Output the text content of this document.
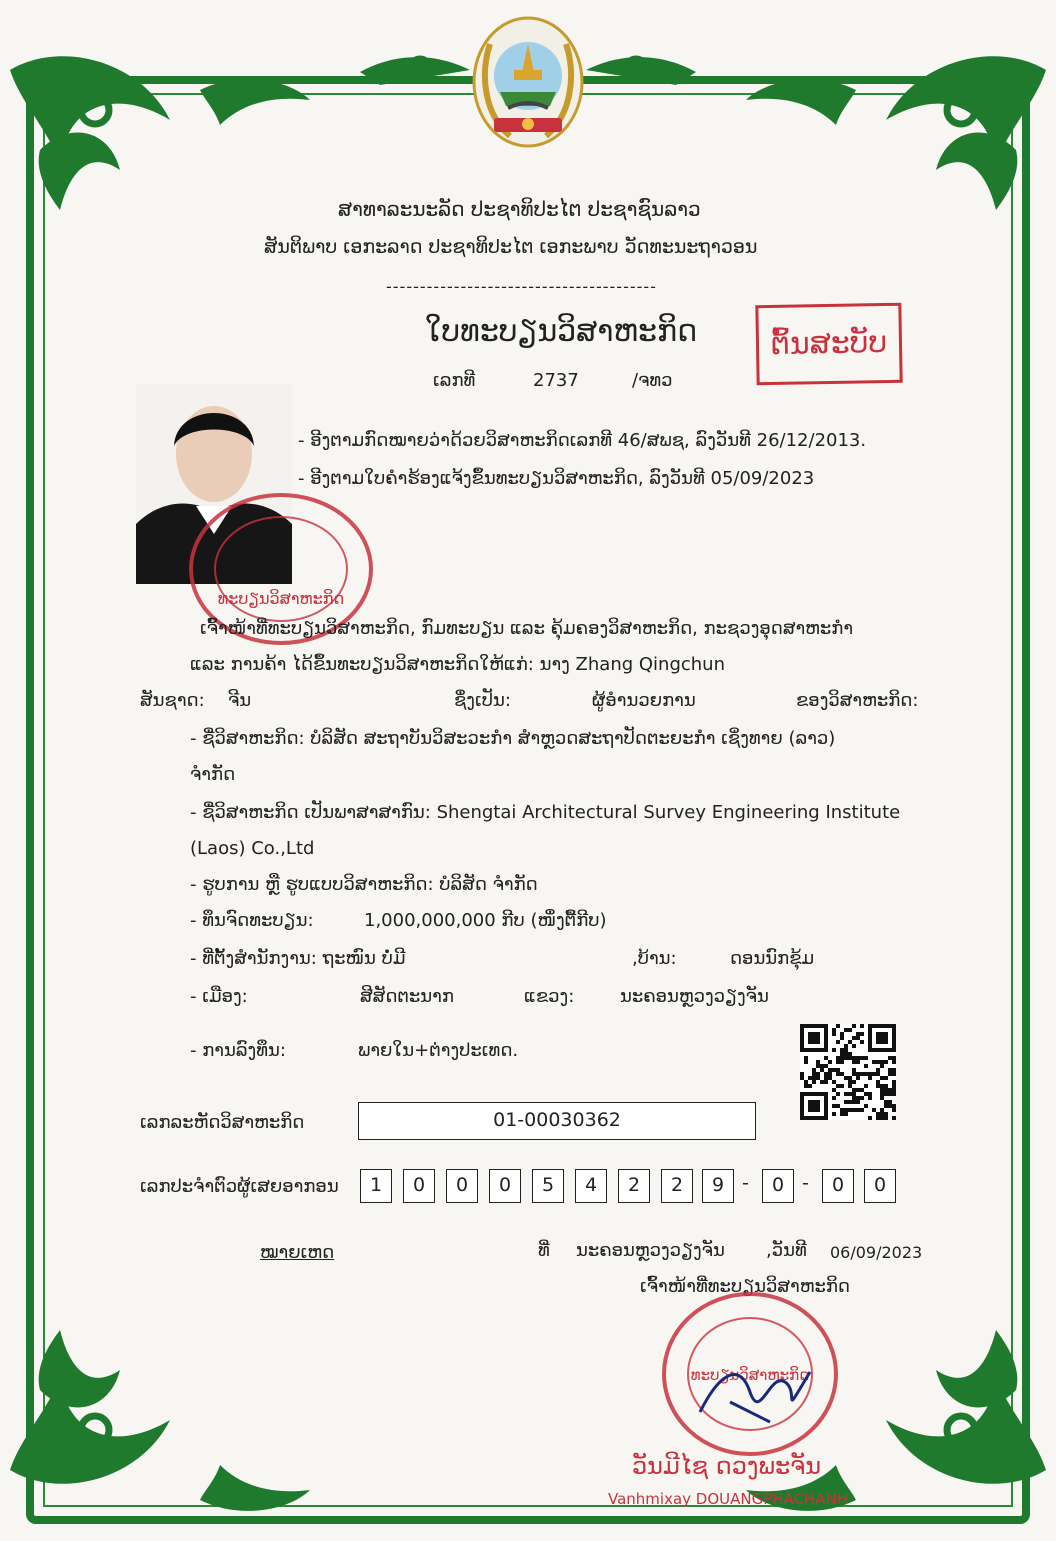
ສາທາລະນະລັດ ປະຊາທິປະໄຕ ປະຊາຊົນລາວ
ສັນຕິພາບ ເອກະລາດ ປະຊາທິປະໄຕ ເອກະພາບ ວັດທະນະຖາວອນ
----------------------------------------
ໃບທະບຽນວິສາຫະກິດ	ຕົ້ນສະບັບ
ເລກທີ	2737	/ຈທວ
- ອີງຕາມກົດໝາຍວ່າດ້ວຍວິສາຫະກິດເລກທີ 46/ສພຊ, ລົງວັນທີ 26/12/2013.
- ອີງຕາມໃບຄຳຮ້ອງແຈ້ງຂຶ້ນທະບຽນວິສາຫະກິດ, ລົງວັນທີ 05/09/2023
ທະບຽນວິສາຫະກິດ
ເຈົ້າໜ້າທີ່ທະບຽນວິສາຫະກິດ, ກົມທະບຽນ ແລະ ຄຸ້ມຄອງວິສາຫະກິດ, ກະຊວງອຸດສາຫະກຳ
ແລະ ການຄ້າ ໄດ້ຂຶ້ນທະບຽນວິສາຫະກິດໃຫ້ແກ່: ນາງ Zhang Qingchun
ສັນຊາດ: ຈີນ	ຊຶ່ງເປັນ:	ຜູ້ອຳນວຍການ	ຂອງວິສາຫະກິດ:
- ຊື່ວິສາຫະກິດ: ບໍລິສັດ ສະຖາບັນວິສະວະກຳ ສຳຫຼວດສະຖາປັດຕະຍະກຳ ເຊິ່ງທາຍ (ລາວ)
ຈຳກັດ
- ຊື່ວິສາຫະກິດ ເປັນພາສາສາກົນ: Shengtai Architectural Survey Engineering Institute
(Laos) Co.,Ltd
- ຮູບການ ຫຼື ຮູບແບບວິສາຫະກິດ: ບໍລິສັດ ຈຳກັດ
- ທຶນຈົດທະບຽນ:	1,000,000,000 ກີບ (ໜຶ່ງຕື້ກີບ)
- ທີ່ຕັ້ງສຳນັກງານ: ຖະໜົນ ບໍ່ມີ	,ບ້ານ:	ດອນນົກຂຸ້ມ
- ເມືອງ:	ສີສັດຕະນາກ	ແຂວງ:	ນະຄອນຫຼວງວຽງຈັນ
- ການລົງທຶນ:	ພາຍໃນ+ຕ່າງປະເທດ.
ເລກລະຫັດວິສາຫະກິດ	01-00030362
ເລກປະຈຳຕົວຜູ້ເສຍອາກອນ	1	0	0	0	5	4	2	2	9 -	0 -	0	0
ໝາຍເຫດ	ທີ່ ນະຄອນຫຼວງວຽງຈັນ ,ວັນທີ 06/09/2023
ເຈົ້າໜ້າທີ່ທະບຽນວິສາຫະກິດ
ທະບຽນວິສາຫະກິດ
ວັນມີໄຊ ດວງພະຈັນ
Vanhmixay DOUANGPHACHANH
